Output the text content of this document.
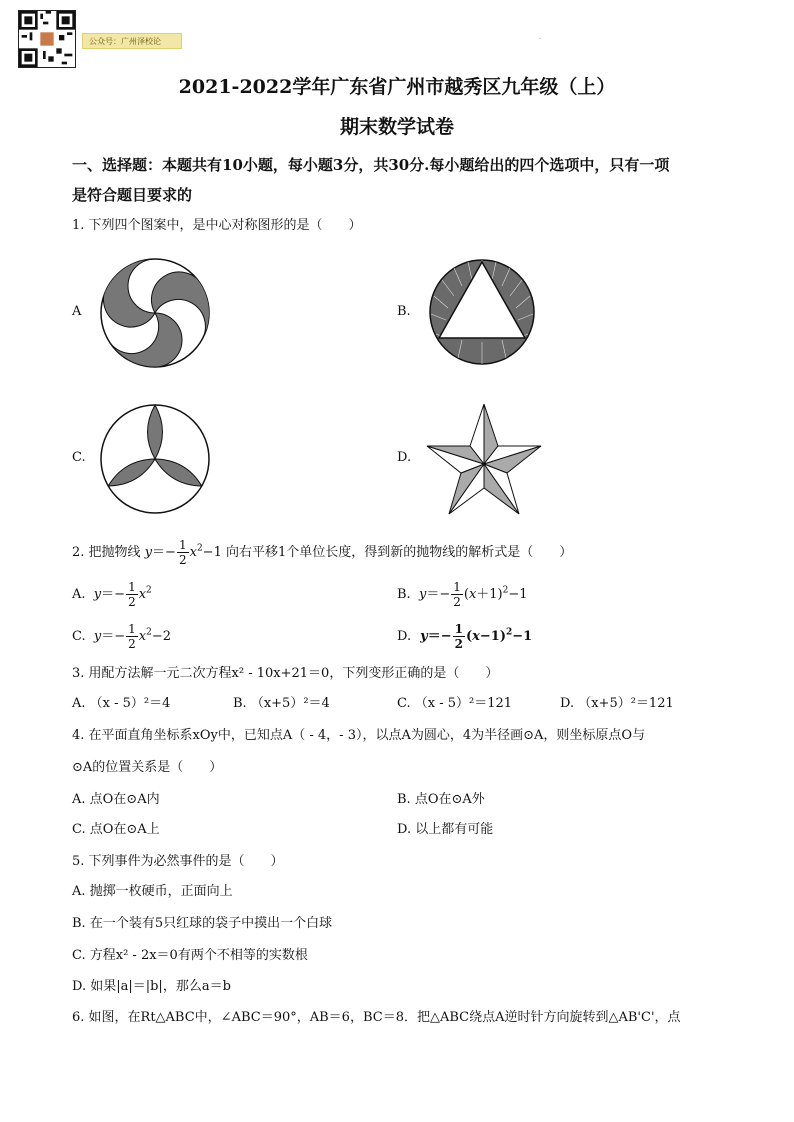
公众号：广州泽校论	·
2021-2022学年广东省广州市越秀区九年级（上）
期末数学试卷
一、选择题：本题共有10小题，每小题3分，共30分.每小题给出的四个选项中，只有一项
是符合题目要求的
1. 下列四个图案中，是中心对称图形的是（　　）
A	B.
C.	D.
2. 把抛物线 $y=- \frac{1}{2} x^2-1$ 向右平移1个单位长度，得到新的抛物线的解析式是（　　）
A. $y=- \frac{1}{2} x^2$	B. $y=- \frac{1}{2} (x+1)^2-1$
C. $y=- \frac{1}{2} x^2-2$	D. $y=- \frac{1}{2} (x-1)^2-1$
3. 用配方法解一元二次方程x² - 10x+21＝0，下列变形正确的是（　　）
A. （x - 5）²＝4	B. （x+5）²＝4	C. （x - 5）²＝121	D. （x+5）²＝121
4. 在平面直角坐标系xOy中，已知点A（ - 4，- 3），以点A为圆心，4为半径画⊙A，则坐标原点O与
⊙A的位置关系是（　　）
A. 点O在⊙A内	B. 点O在⊙A外
C. 点O在⊙A上	D. 以上都有可能
5. 下列事件为必然事件的是（　　）
A. 抛掷一枚硬币，正面向上
B. 在一个装有5只红球的袋子中摸出一个白球
C. 方程x² - 2x＝0有两个不相等的实数根
D. 如果|a|＝|b|，那么a＝b
6. 如图，在Rt△ABC中，∠ABC＝90°，AB＝6，BC＝8．把△ABC绕点A逆时针方向旋转到△AB'C'，点
